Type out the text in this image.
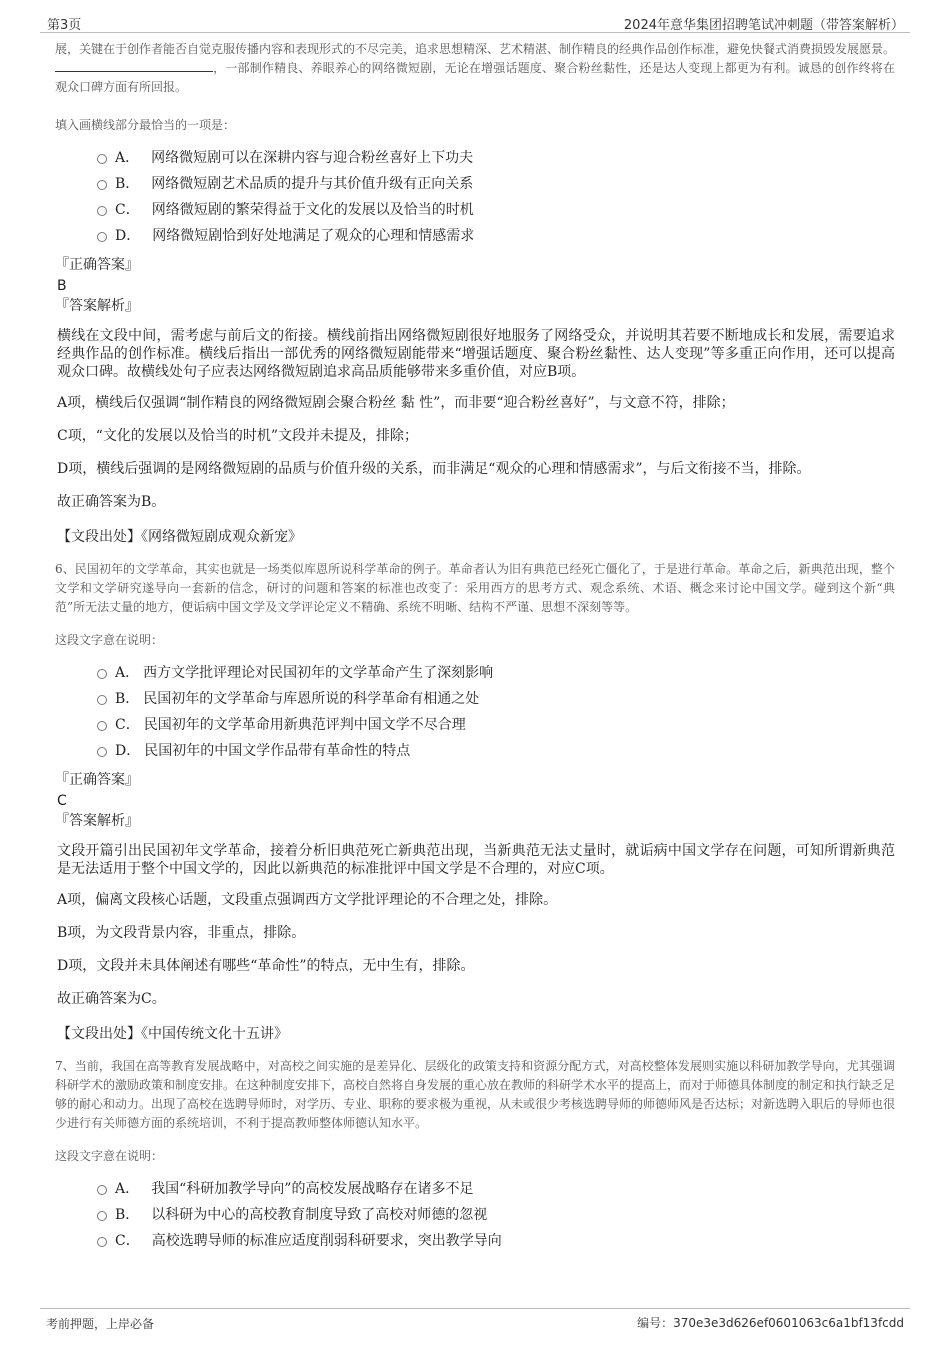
第3页	2024年意华集团招聘笔试冲刺题（带答案解析）

展，关键在于创作者能否自觉克服传播内容和表现形式的不尽完美，追求思想精深、艺术精湛、制作精良的经典作品创作标准，避免快餐式消费损毁发展愿景。，一部制作精良、养眼养心的网络微短剧，无论在增强话题度、聚合粉丝黏性，还是达人变现上都更为有利。诚恳的创作终将在观众口碑方面有所回报。

填入画横线部分最恰当的一项是：

A． 网络微短剧可以在深耕内容与迎合粉丝喜好上下功夫
B． 网络微短剧艺术品质的提升与其价值升级有正向关系
C． 网络微短剧的繁荣得益于文化的发展以及恰当的时机
D． 网络微短剧恰到好处地满足了观众的心理和情感需求

『正确答案』

B

『答案解析』

横线在文段中间，需考虑与前后文的衔接。横线前指出网络微短剧很好地服务了网络受众，并说明其若要不断地成长和发展，需要追求经典作品的创作标准。横线后指出一部优秀的网络微短剧能带来“增强话题度、聚合粉丝黏性、达人变现”等多重正向作用，还可以提高观众口碑。故横线处句子应表达网络微短剧追求高品质能够带来多重价值，对应B项。

A项，横线后仅强调“制作精良的网络微短剧会聚合粉丝 黏 性”，而非要“迎合粉丝喜好”，与文意不符，排除；

C项，“文化的发展以及恰当的时机”文段并未提及，排除；

D项，横线后强调的是网络微短剧的品质与价值升级的关系，而非满足“观众的心理和情感需求”，与后文衔接不当，排除。

故正确答案为B。

【文段出处】《网络微短剧成观众新宠》

6、民国初年的文学革命，其实也就是一场类似库恩所说科学革命的例子。革命者认为旧有典范已经死亡僵化了，于是进行革命。革命之后，新典范出现，整个文学和文学研究遂导向一套新的信念，研讨的问题和答案的标准也改变了：采用西方的思考方式、观念系统、术语、概念来讨论中国文学。碰到这个新“典范”所无法丈量的地方，便诟病中国文学及文学评论定义不精确、系统不明晰、结构不严谨、思想不深刻等等。

这段文字意在说明：

A． 西方文学批评理论对民国初年的文学革命产生了深刻影响
B． 民国初年的文学革命与库恩所说的科学革命有相通之处
C． 民国初年的文学革命用新典范评判中国文学不尽合理
D． 民国初年的中国文学作品带有革命性的特点

『正确答案』

C

『答案解析』

文段开篇引出民国初年文学革命，接着分析旧典范死亡新典范出现，当新典范无法丈量时，就诟病中国文学存在问题，可知所谓新典范是无法适用于整个中国文学的，因此以新典范的标准批评中国文学是不合理的，对应C项。

A项，偏离文段核心话题，文段重点强调西方文学批评理论的不合理之处，排除。

B项，为文段背景内容，非重点，排除。

D项，文段并未具体阐述有哪些“革命性”的特点，无中生有，排除。

故正确答案为C。

【文段出处】《中国传统文化十五讲》

7、当前，我国在高等教育发展战略中，对高校之间实施的是差异化、层级化的政策支持和资源分配方式，对高校整体发展则实施以科研加教学导向，尤其强调科研学术的激励政策和制度安排。在这种制度安排下，高校自然将自身发展的重心放在教师的科研学术水平的提高上，而对于师德具体制度的制定和执行缺乏足够的耐心和动力。出现了高校在选聘导师时，对学历、专业、职称的要求极为重视，从未或很少考核选聘导师的师德师风是否达标；对新选聘入职后的导师也很少进行有关师德方面的系统培训，不利于提高教师整体师德认知水平。

这段文字意在说明：

A． 我国“科研加教学导向”的高校发展战略存在诸多不足
B． 以科研为中心的高校教育制度导致了高校对师德的忽视
C． 高校选聘导师的标准应适度削弱科研要求，突出教学导向
考前押题，上岸必备	编号：370e3e3d626ef0601063c6a1bf13fcdd
